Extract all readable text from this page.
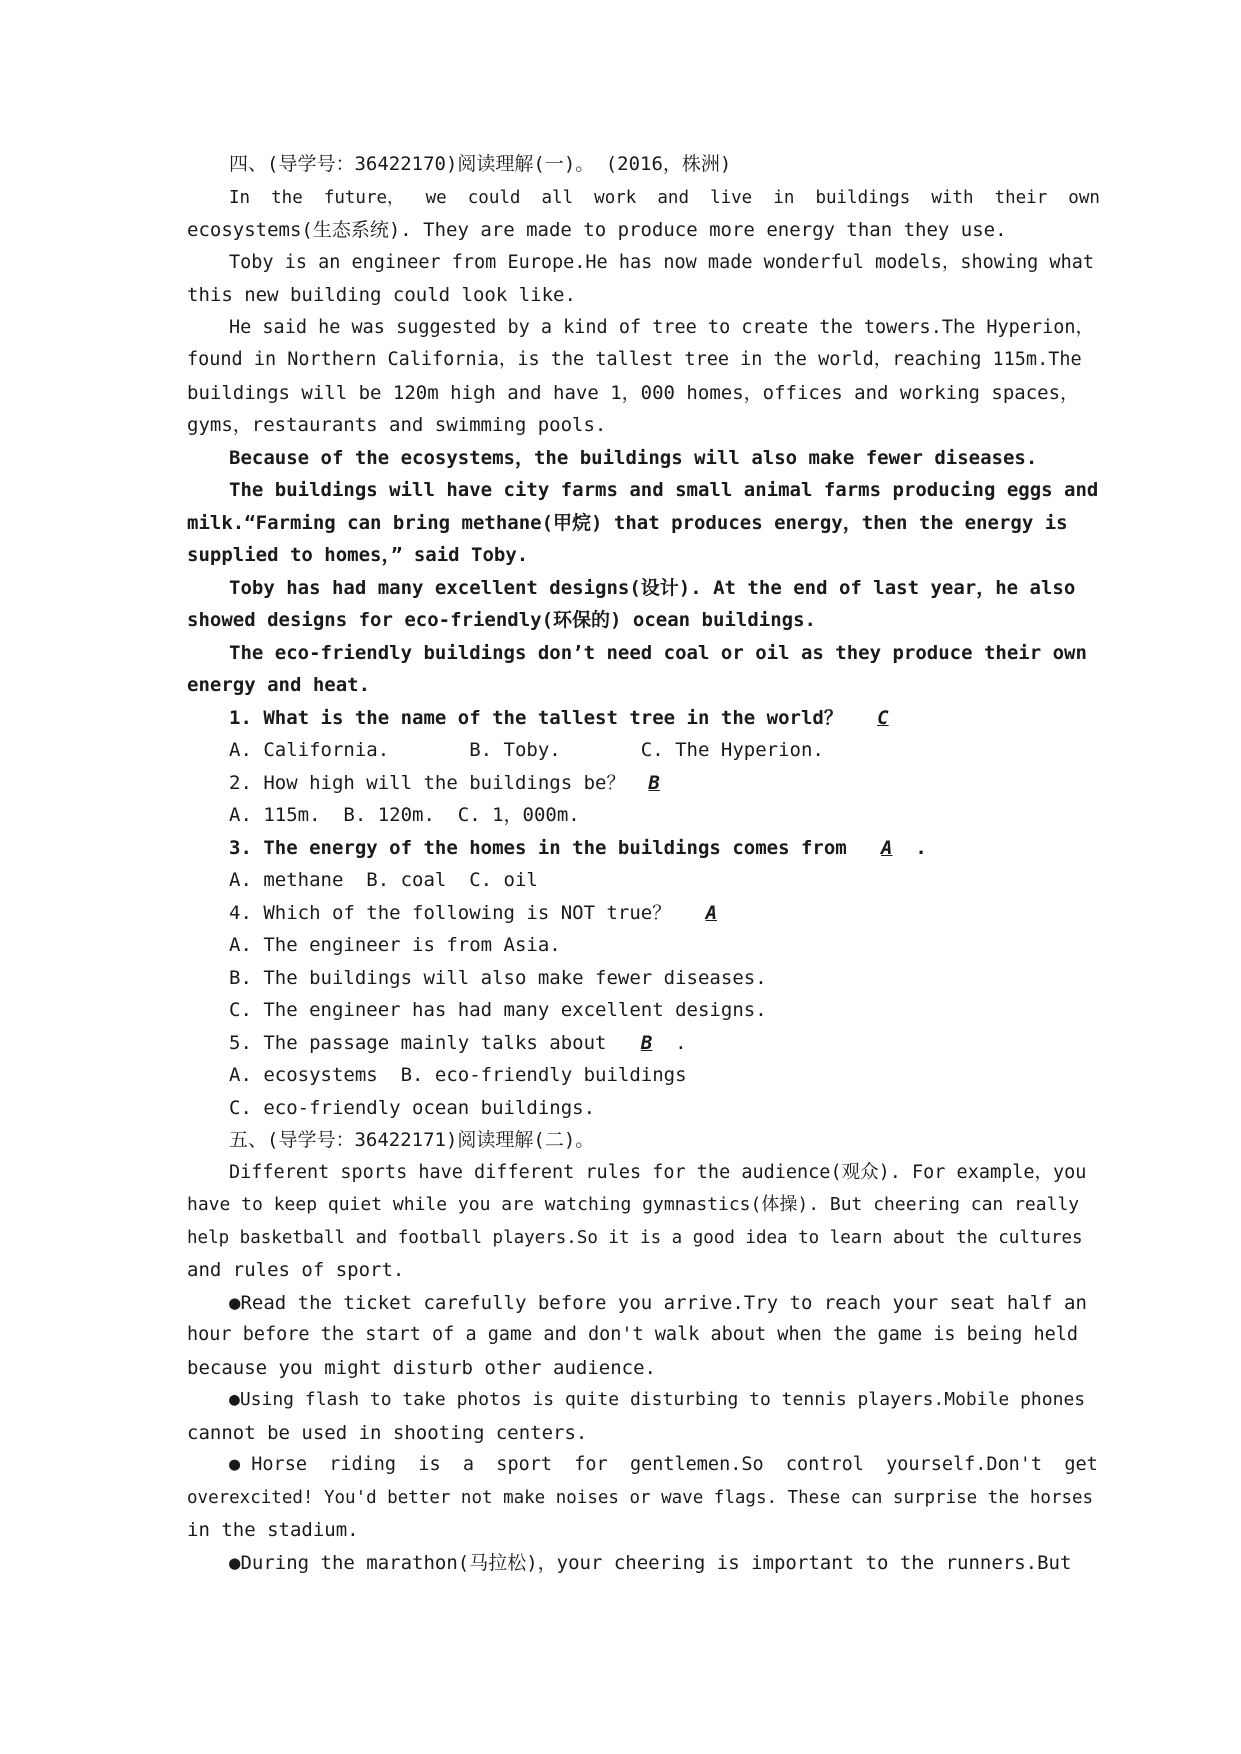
四、(导学号：36422170)阅读理解(一)。 (2016，株洲)
In  the  future，  we  could  all  work  and  live  in  buildings  with  their  own
ecosystems(生态系统). They are made to produce more energy than they use.
Toby is an engineer from Europe.He has now made wonderful models，showing what
this new building could look like.
He said he was suggested by a kind of tree to create the towers.The Hyperion，
found in Northern California，is the tallest tree in the world，reaching 115m.The
buildings will be 120m high and have 1，000 homes，offices and working spaces，
gyms，restaurants and swimming pools.
Because of the ecosystems，the buildings will also make fewer diseases.
The buildings will have city farms and small animal farms producing eggs and
milk.“Farming can bring methane(甲烷) that produces energy，then the energy is
supplied to homes，” said Toby.
Toby has had many excellent designs(设计). At the end of last year，he also
showed designs for eco-friendly(环保的) ocean buildings.
The eco-friendly buildings don’t need coal or oil as they produce their own
energy and heat.
1. What is the name of the tallest tree in the world？ C
A. California.       B. Toby.       C. The Hyperion.
2. How high will the buildings be？ B
A. 115m.  B. 120m.  C. 1，000m.
3. The energy of the homes in the buildings comes from A .
A. methane  B. coal  C. oil
4. Which of the following is NOT true？ A
A. The engineer is from Asia.
B. The buildings will also make fewer diseases.
C. The engineer has had many excellent designs.
5. The passage mainly talks about B .
A. ecosystems  B. eco-friendly buildings
C. eco-friendly ocean buildings.
五、(导学号：36422171)阅读理解(二)。
Different sports have different rules for the audience(观众). For example，you
have to keep quiet while you are watching gymnastics(体操). But cheering can really
help basketball and football players.So it is a good idea to learn about the cultures
and rules of sport.
●Read the ticket carefully before you arrive.Try to reach your seat half an
hour before the start of a game and don't walk about when the game is being held
because you might disturb other audience.
●Using flash to take photos is quite disturbing to tennis players.Mobile phones
cannot be used in shooting centers.
● Horse  riding  is  a  sport  for  gentlemen.So  control  yourself.Don't  get
overexcited! You'd better not make noises or wave flags. These can surprise the horses
in the stadium.
●During the marathon(马拉松)，your cheering is important to the runners.But
